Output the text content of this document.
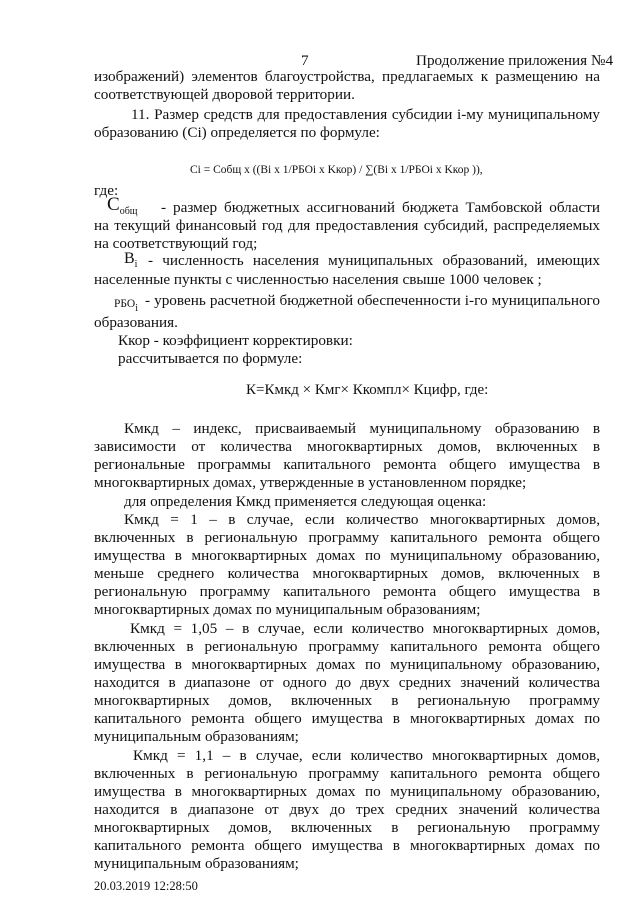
7	Продолжение приложения №4

изображений) элементов благоустройства, предлагаемых к размещению на

соответствующей дворовой территории.

11. Размер средств для предоставления субсидии i-му муниципальному

образованию (Ci) определяется по формуле:

Ci = Cобщ x ((Bi x 1/РБОi x Kкор) / ∑(Bi x 1/РБОi x Kкор )),

где:

$С_{общ}$ - размер бюджетных ассигнований бюджета Тамбовской области

на текущий финансовый год для предоставления субсидий, распределяемых

на соответствующий год;

$B_i$ - численность населения муниципальных образований, имеющих

населенные пункты с численностью населения свыше 1000 человек ;

$РБО_i$ - уровень расчетной бюджетной обеспеченности i-го муниципального

образования.

Ккор - коэффициент корректировки:

рассчитывается по формуле:

К=Кмкд × Кмг× Ккомпл× Кцифр, где:

Кмкд – индекс, присваиваемый муниципальному образованию в

зависимости от количества многоквартирных домов, включенных в

региональные программы капитального ремонта общего имущества в

многоквартирных домах, утвержденные в установленном порядке;

для определения Кмкд применяется следующая оценка:

Кмкд = 1 – в случае, если количество многоквартирных домов,

включенных в региональную программу капитального ремонта общего

имущества в многоквартирных домах по муниципальному образованию,

меньше среднего количества многоквартирных домов, включенных в

региональную программу капитального ремонта общего имущества в

многоквартирных домах по муниципальным образованиям;

Кмкд = 1,05 – в случае, если количество многоквартирных домов,

включенных в региональную программу капитального ремонта общего

имущества в многоквартирных домах по муниципальному образованию,

находится в диапазоне от одного до двух средних значений количества

многоквартирных домов, включенных в региональную программу

капитального ремонта общего имущества в многоквартирных домах по

муниципальным образованиям;

Кмкд = 1,1 – в случае, если количество многоквартирных домов,

включенных в региональную программу капитального ремонта общего

имущества в многоквартирных домах по муниципальному образованию,

находится в диапазоне от двух до трех средних значений количества

многоквартирных домов, включенных в региональную программу

капитального ремонта общего имущества в многоквартирных домах по

муниципальным образованиям;

20.03.2019 12:28:50
